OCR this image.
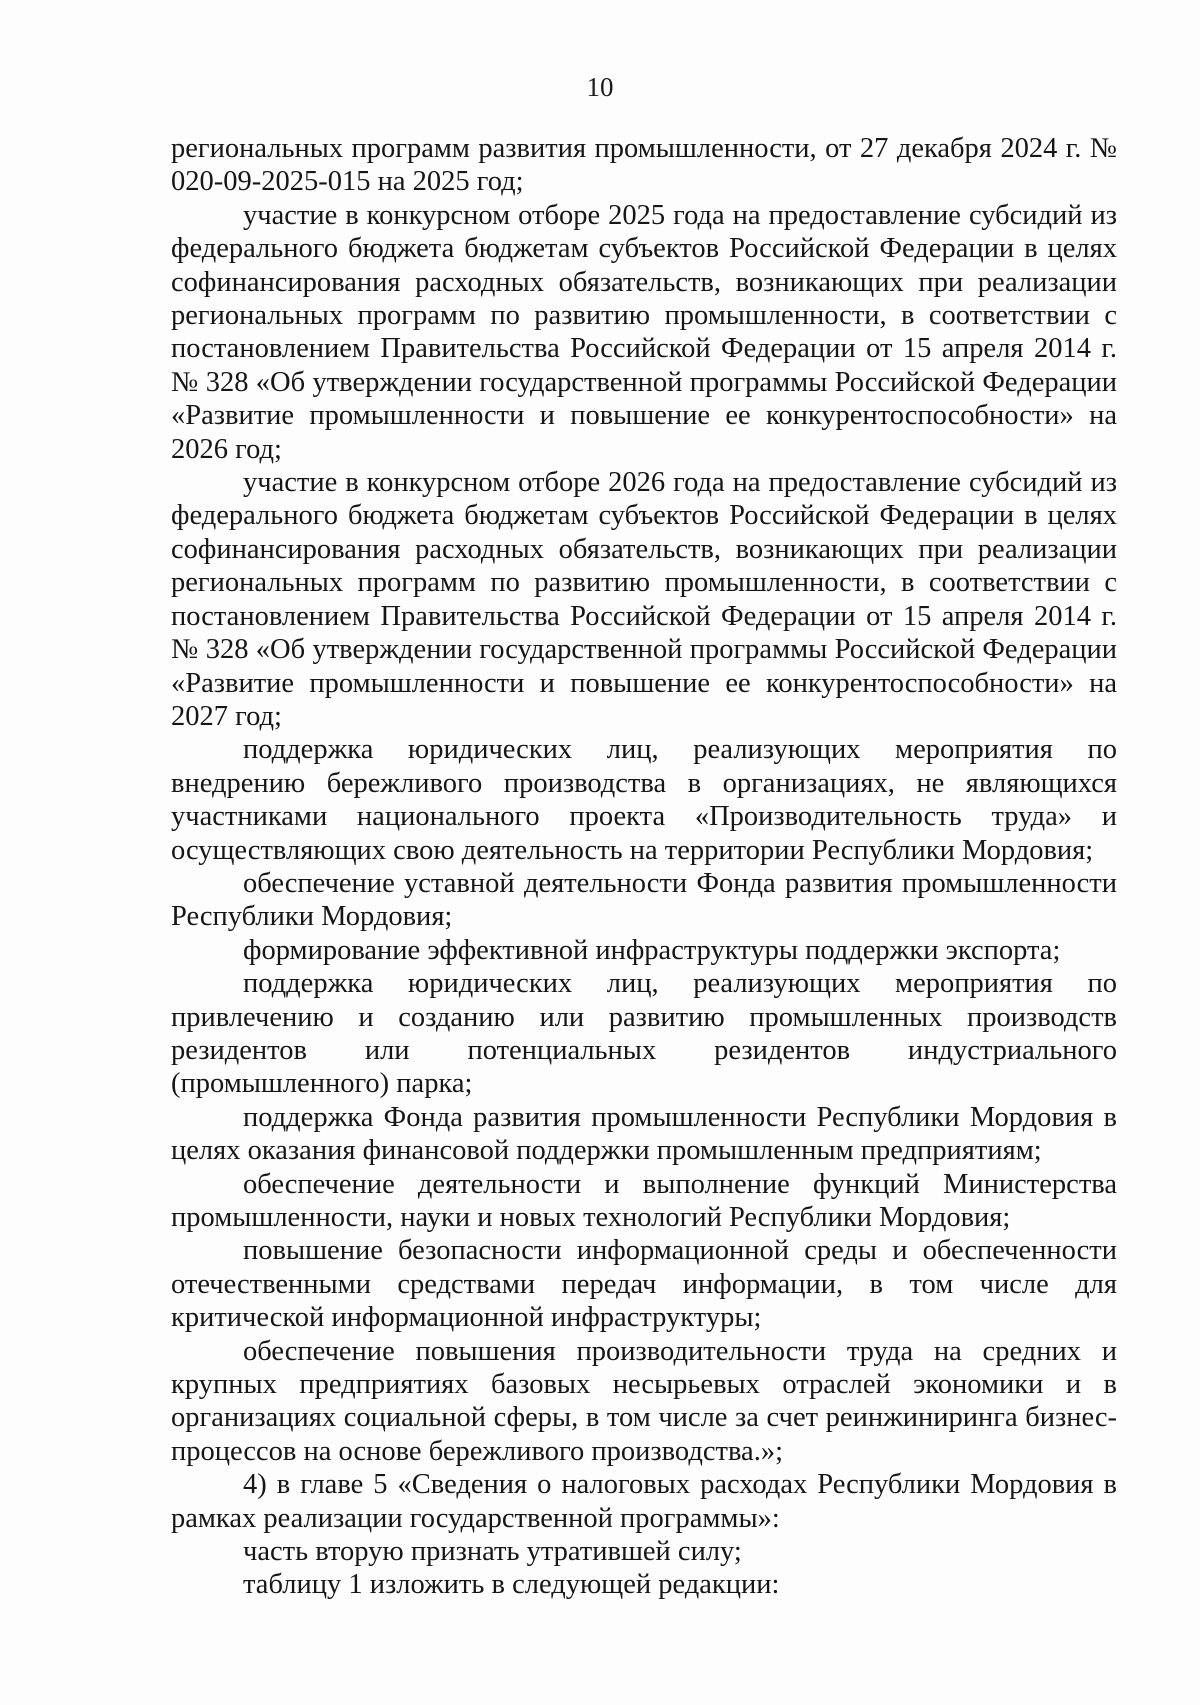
10

региональных программ развития промышленности, от 27 декабря 2024 г. № 020-09-2025-015 на 2025 год;

участие в конкурсном отборе 2025 года на предоставление субсидий из федерального бюджета бюджетам субъектов Российской Федерации в целях софинансирования расходных обязательств, возникающих при реализации региональных программ по развитию промышленности, в соответствии с постановлением Правительства Российской Федерации от 15 апреля 2014 г. № 328 «Об утверждении государственной программы Российской Федерации «Развитие промышленности и повышение ее конкурентоспособности» на 2026 год;

участие в конкурсном отборе 2026 года на предоставление субсидий из федерального бюджета бюджетам субъектов Российской Федерации в целях софинансирования расходных обязательств, возникающих при реализации региональных программ по развитию промышленности, в соответствии с постановлением Правительства Российской Федерации от 15 апреля 2014 г. № 328 «Об утверждении государственной программы Российской Федерации «Развитие промышленности и повышение ее конкурентоспособности» на 2027 год;

поддержка юридических лиц, реализующих мероприятия по внедрению бережливого производства в организациях, не являющихся участниками национального проекта «Производительность труда» и осуществляющих свою деятельность на территории Республики Мордовия;

обеспечение уставной деятельности Фонда развития промышленности Республики Мордовия;

формирование эффективной инфраструктуры поддержки экспорта;

поддержка юридических лиц, реализующих мероприятия по привлечению и созданию или развитию промышленных производств резидентов или потенциальных резидентов индустриального (промышленного) парка;

поддержка Фонда развития промышленности Республики Мордовия в целях оказания финансовой поддержки промышленным предприятиям;

обеспечение деятельности и выполнение функций Министерства промышленности, науки и новых технологий Республики Мордовия;

повышение безопасности информационной среды и обеспеченности отечественными средствами передач информации, в том числе для критической информационной инфраструктуры;

обеспечение повышения производительности труда на средних и крупных предприятиях базовых несырьевых отраслей экономики и в организациях социальной сферы, в том числе за счет реинжиниринга бизнес-процессов на основе бережливого производства.»;

4) в главе 5 «Сведения о налоговых расходах Республики Мордовия в рамках реализации государственной программы»:

часть вторую признать утратившей силу;

таблицу 1 изложить в следующей редакции:
